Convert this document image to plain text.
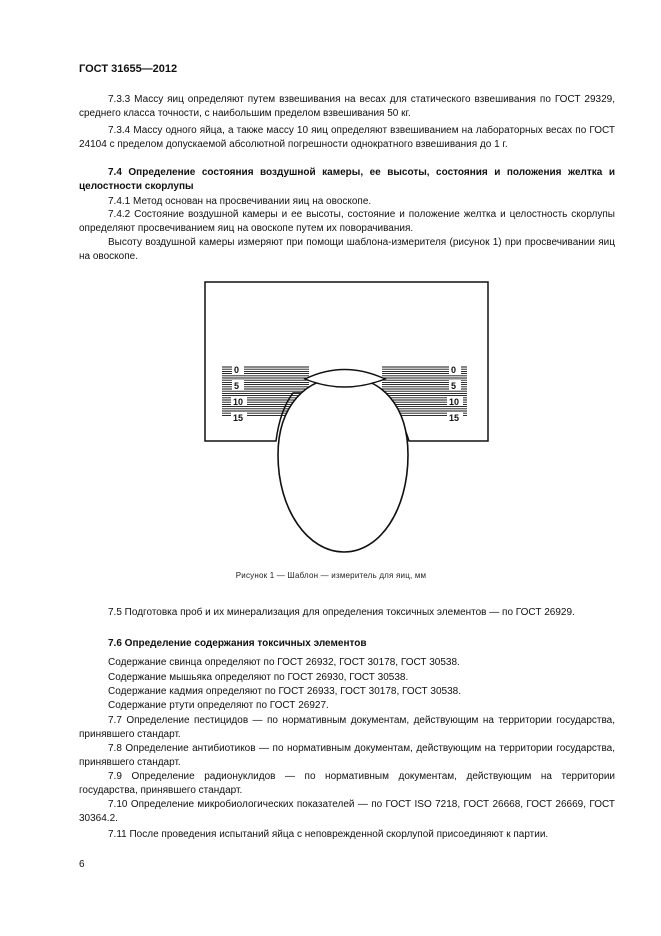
ГОСТ 31655—2012

7.3.3 Массу яиц определяют путем взвешивания на весах для статического взвешивания по ГОСТ 29329, среднего класса точности, с наибольшим пределом взвешивания 50 кг.

7.3.4 Массу одного яйца, а также массу 10 яиц определяют взвешиванием на лабораторных весах по ГОСТ 24104 с пределом допускаемой абсолютной погрешности однократного взвешивания до 1 г.

7.4 Определение состояния воздушной камеры, ее высоты, состояния и положения желтка и целостности скорлупы

7.4.1 Метод основан на просвечивании яиц на овоскопе.

7.4.2 Состояние воздушной камеры и ее высоты, состояние и положение желтка и целостность скорлупы определяют просвечиванием яиц на овоскопе путем их поворачивания.

Высоту воздушной камеры измеряют при помощи шаблона-измерителя (рисунок 1) при просвечивании яиц на овоскопе.

0
5
10
15
0
5
10
15
Рисунок 1 — Шаблон — измеритель для яиц, мм

7.5 Подготовка проб и их минерализация для определения токсичных элементов — по ГОСТ 26929.

7.6 Определение содержания токсичных элементов

Содержание свинца определяют по ГОСТ 26932, ГОСТ 30178, ГОСТ 30538.

Содержание мышьяка определяют по ГОСТ 26930, ГОСТ 30538.

Содержание кадмия определяют по ГОСТ 26933, ГОСТ 30178, ГОСТ 30538.

Содержание ртути определяют по ГОСТ 26927.

7.7 Определение пестицидов — по нормативным документам, действующим на территории государства, принявшего стандарт.

7.8 Определение антибиотиков — по нормативным документам, действующим на территории государства, принявшего стандарт.

7.9 Определение радионуклидов — по нормативным документам, действующим на территории государства, принявшего стандарт.

7.10 Определение микробиологических показателей — по ГОСТ ISO 7218, ГОСТ 26668, ГОСТ 26669, ГОСТ 30364.2.

7.11 После проведения испытаний яйца с неповрежденной скорлупой присоединяют к партии.

6
